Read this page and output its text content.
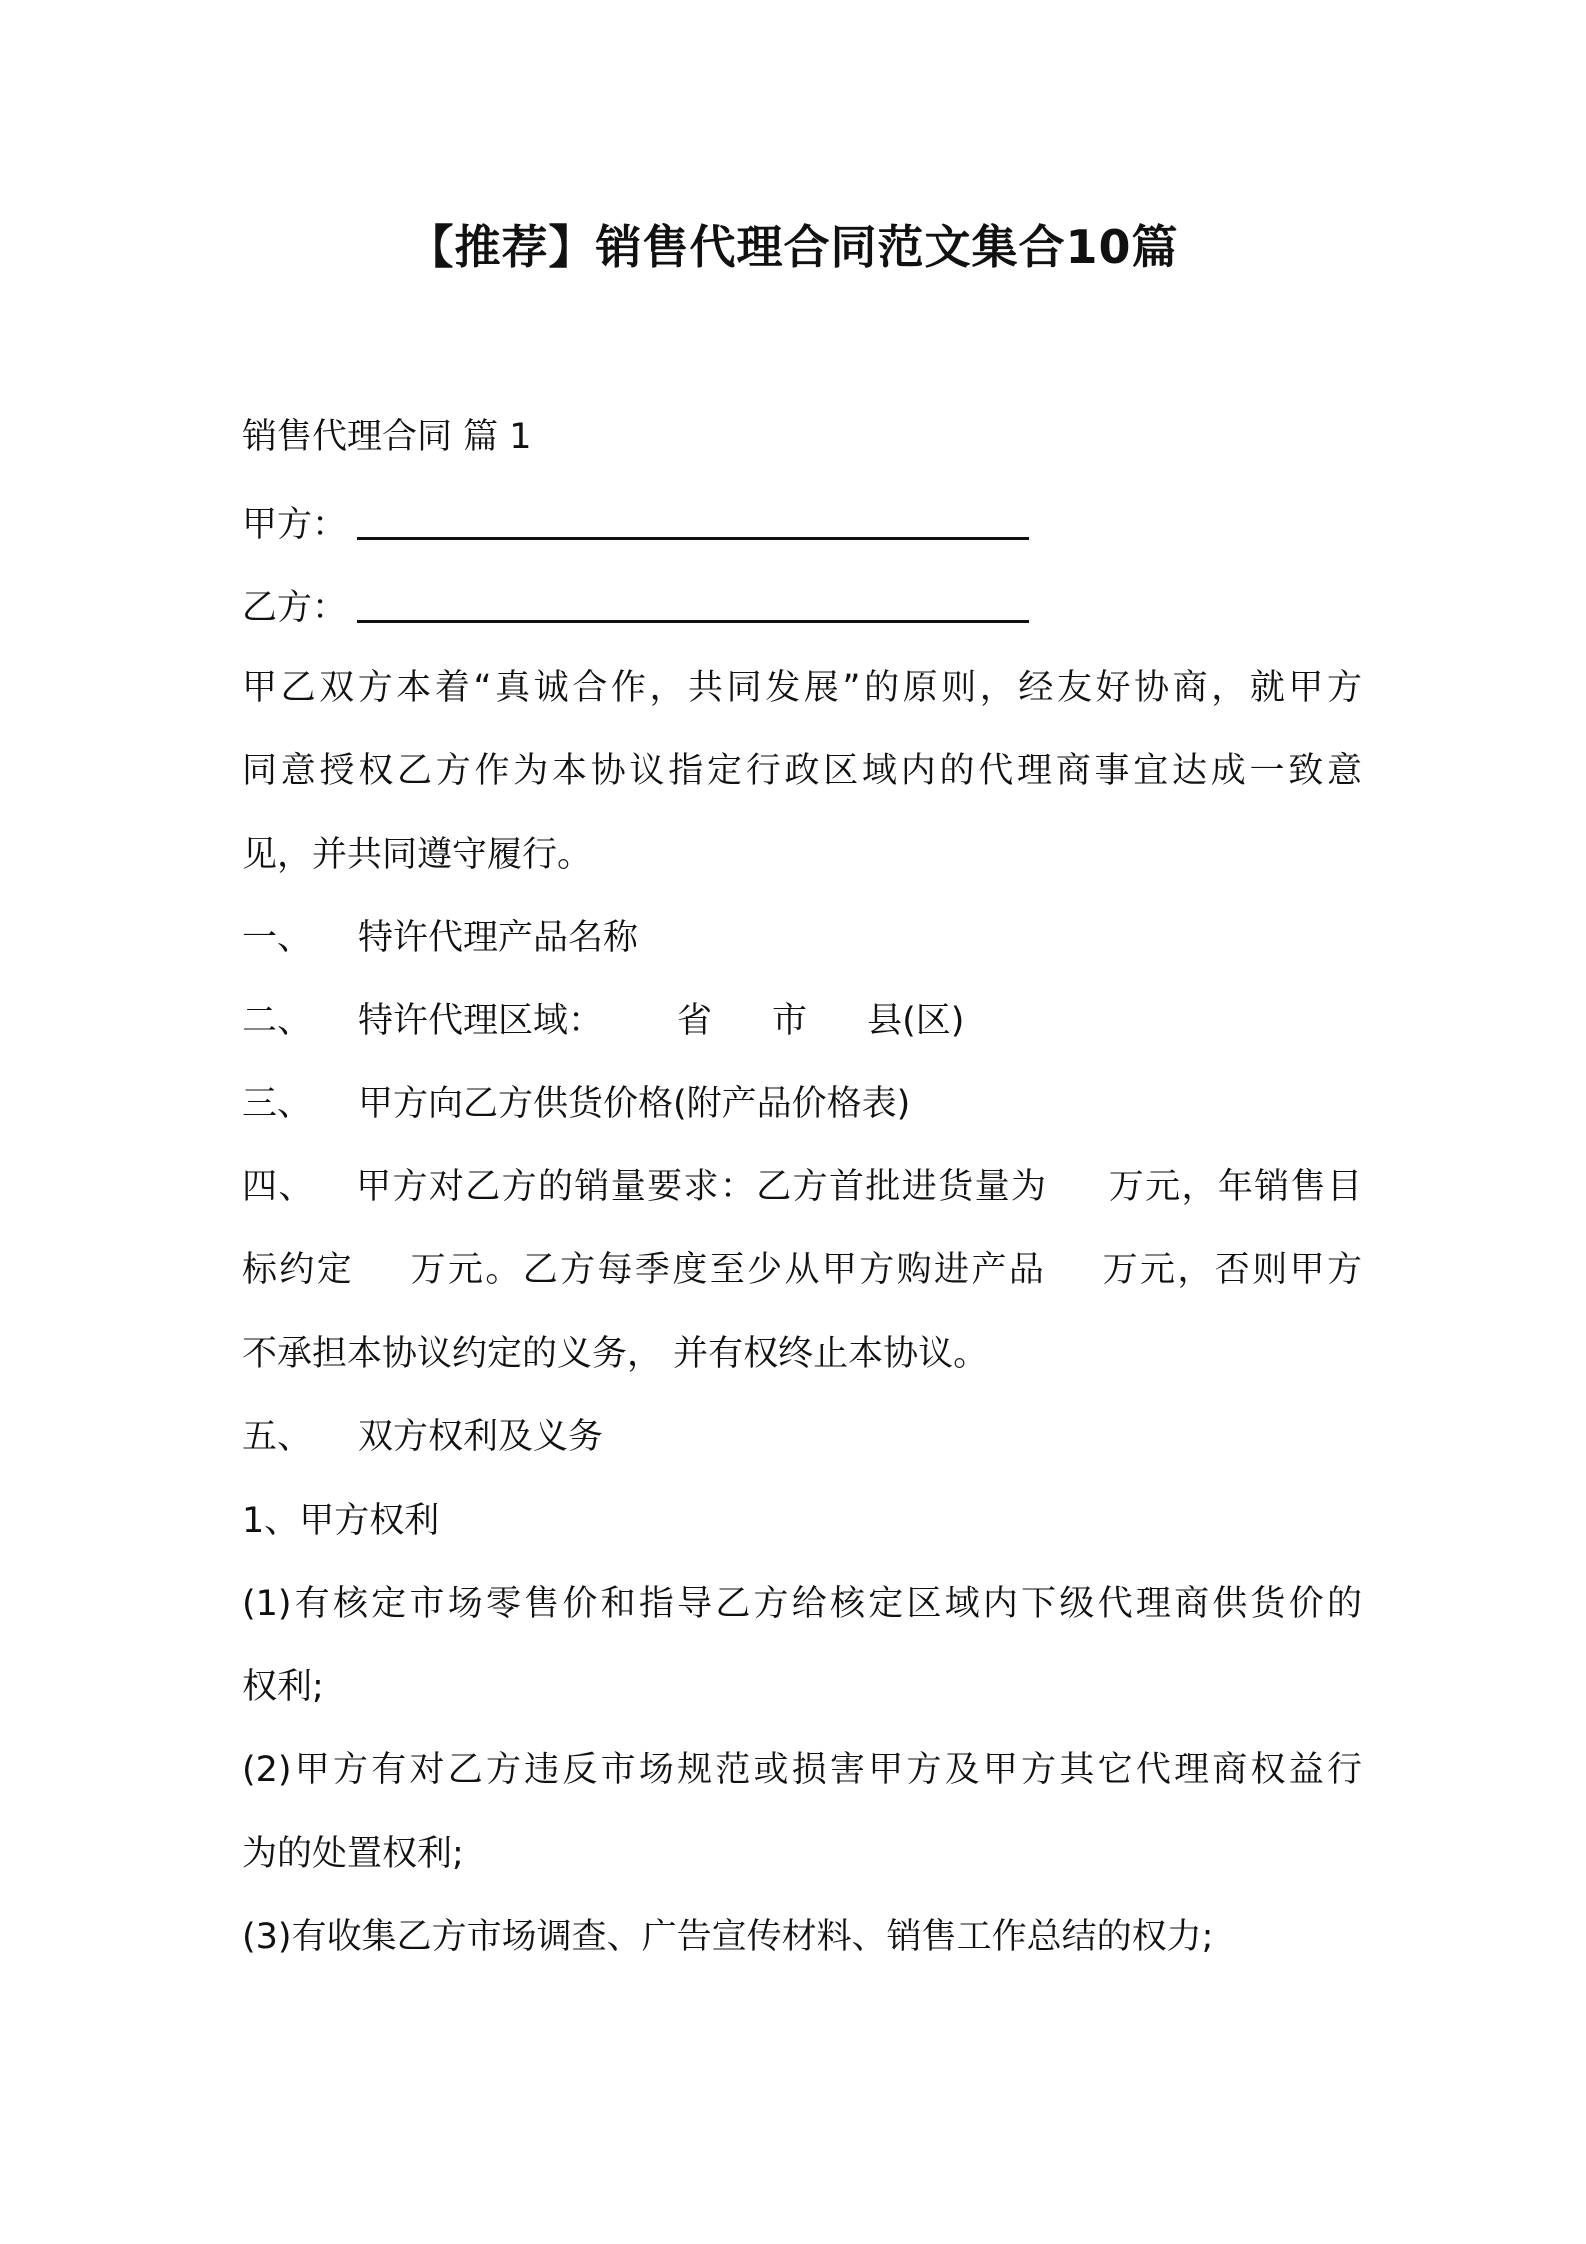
【推荐】销售代理合同范文集合10篇
销售代理合同 篇 1
甲方：
乙方：
甲乙双方本着“真诚合作，共同发展”的原则，经友好协商，就甲方
同意授权乙方作为本协议指定行政区域内的代理商事宜达成一致意
见，并共同遵守履行。
一、 特许代理产品名称
二、 特许代理区域： 省 市 县(区)
三、 甲方向乙方供货价格(附产品价格表)
四、 甲方对乙方的销量要求：乙方首批进货量为 万元，年销售目
标约定 万元。乙方每季度至少从甲方购进产品 万元，否则甲方
不承担本协议约定的义务， 并有权终止本协议。
五、 双方权利及义务
1、甲方权利
(1)有核定市场零售价和指导乙方给核定区域内下级代理商供货价的
权利;
(2)甲方有对乙方违反市场规范或损害甲方及甲方其它代理商权益行
为的处置权利;
(3)有收集乙方市场调查、广告宣传材料、销售工作总结的权力;
